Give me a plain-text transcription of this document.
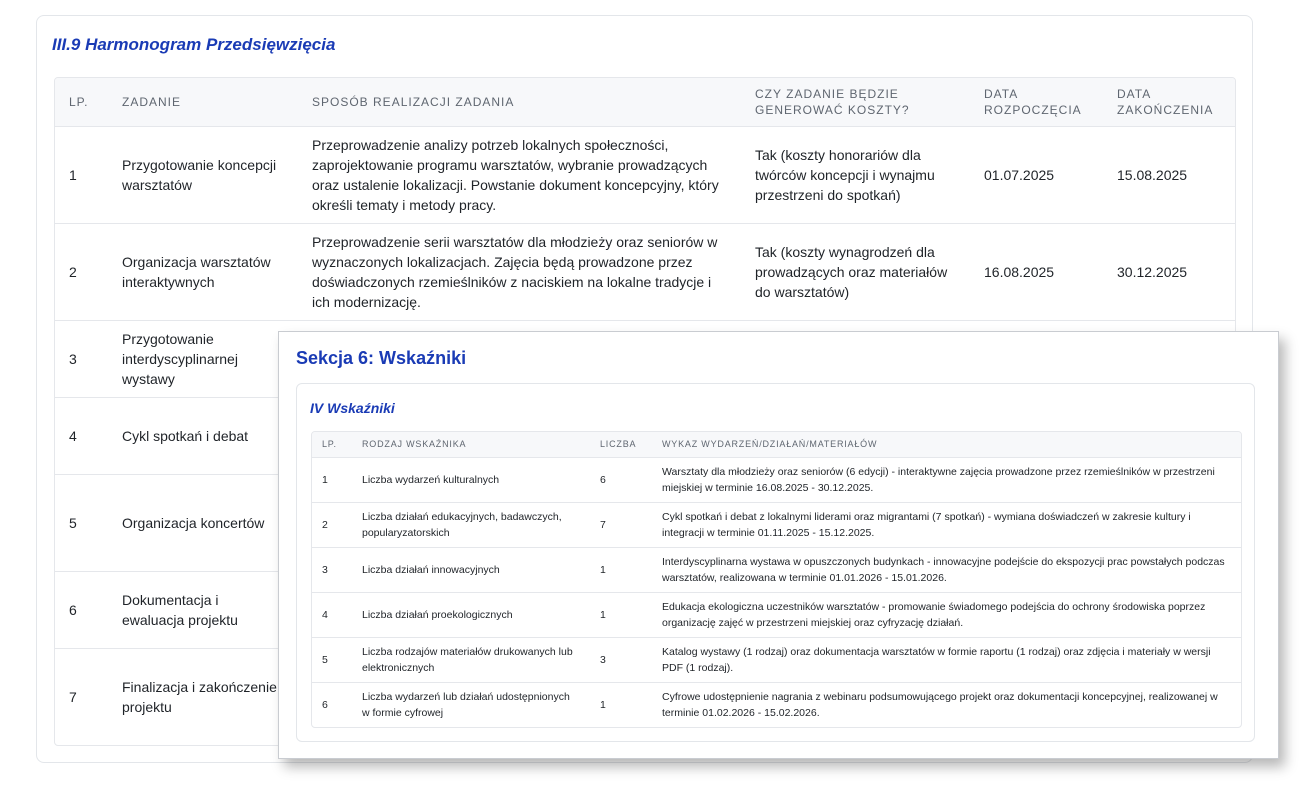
III.9 Harmonogram Przedsięwzięcia
LP.	ZADANIE	SPOSÓB REALIZACJI ZADANIA	CZY ZADANIE BĘDZIE GENEROWAĆ KOSZTY?	DATA ROZPOCZĘCIA	DATA ZAKOŃCZENIA
1	Przygotowanie koncepcji warsztatów	Przeprowadzenie analizy potrzeb lokalnych społeczności, zaprojektowanie programu warsztatów, wybranie prowadzących oraz ustalenie lokalizacji. Powstanie dokument koncepcyjny, który określi tematy i metody pracy.	Tak (koszty honorariów dla twórców koncepcji i wynajmu przestrzeni do spotkań)	01.07.2025	15.08.2025
2	Organizacja warsztatów interaktywnych	Przeprowadzenie serii warsztatów dla młodzieży oraz seniorów w wyznaczonych lokalizacjach. Zajęcia będą prowadzone przez doświadczonych rzemieślników z naciskiem na lokalne tradycje i ich modernizację.	Tak (koszty wynagrodzeń dla prowadzących oraz materiałów do warsztatów)	16.08.2025	30.12.2025
3	Przygotowanie interdyscyplinarnej wystawy				
4	Cykl spotkań i debat				
5	Organizacja koncertów				
6	Dokumentacja i ewaluacja projektu				
7	Finalizacja i zakończenie projektu				
Sekcja 6: Wskaźniki
IV Wskaźniki
LP.	RODZAJ WSKAŹNIKA	LICZBA	WYKAZ WYDARZEŃ/DZIAŁAŃ/MATERIAŁÓW
1	Liczba wydarzeń kulturalnych	6	Warsztaty dla młodzieży oraz seniorów (6 edycji) - interaktywne zajęcia prowadzone przez rzemieślników w przestrzeni miejskiej w terminie 16.08.2025 - 30.12.2025.
2	Liczba działań edukacyjnych, badawczych, popularyzatorskich	7	Cykl spotkań i debat z lokalnymi liderami oraz migrantami (7 spotkań) - wymiana doświadczeń w zakresie kultury i integracji w terminie 01.11.2025 - 15.12.2025.
3	Liczba działań innowacyjnych	1	Interdyscyplinarna wystawa w opuszczonych budynkach - innowacyjne podejście do ekspozycji prac powstałych podczas warsztatów, realizowana w terminie 01.01.2026 - 15.01.2026.
4	Liczba działań proekologicznych	1	Edukacja ekologiczna uczestników warsztatów - promowanie świadomego podejścia do ochrony środowiska poprzez organizację zajęć w przestrzeni miejskiej oraz cyfryzację działań.
5	Liczba rodzajów materiałów drukowanych lub elektronicznych	3	Katalog wystawy (1 rodzaj) oraz dokumentacja warsztatów w formie raportu (1 rodzaj) oraz zdjęcia i materiały w wersji PDF (1 rodzaj).
6	Liczba wydarzeń lub działań udostępnionych w formie cyfrowej	1	Cyfrowe udostępnienie nagrania z webinaru podsumowującego projekt oraz dokumentacji koncepcyjnej, realizowanej w terminie 01.02.2026 - 15.02.2026.
